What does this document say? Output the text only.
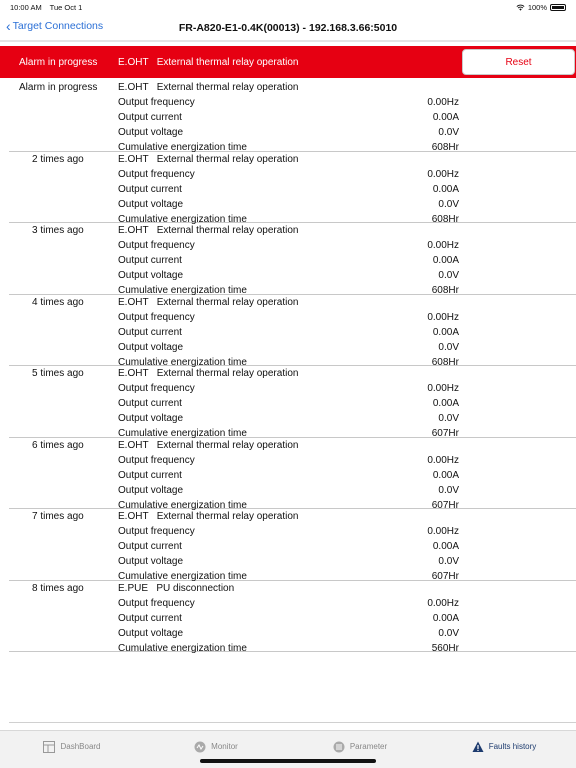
10:00 AM Tue Oct 1	100%
‹ Target Connections	FR-A820-E1-0.4K(00013) - 192.168.3.66:5010
Alarm in progress E.OHT   External thermal relay operation	Reset
Alarm in progress E.OHT   External thermal relay operation
Output frequency	0.00Hz
Output current	0.00A
Output voltage	0.0V
Cumulative energization time	608Hr
2 times ago	E.OHT   External thermal relay operation
Output frequency	0.00Hz
Output current	0.00A
Output voltage	0.0V
Cumulative energization time	608Hr
3 times ago	E.OHT   External thermal relay operation
Output frequency	0.00Hz
Output current	0.00A
Output voltage	0.0V
Cumulative energization time	608Hr
4 times ago	E.OHT   External thermal relay operation
Output frequency	0.00Hz
Output current	0.00A
Output voltage	0.0V
Cumulative energization time	608Hr
5 times ago	E.OHT   External thermal relay operation
Output frequency	0.00Hz
Output current	0.00A
Output voltage	0.0V
Cumulative energization time	607Hr
6 times ago	E.OHT   External thermal relay operation
Output frequency	0.00Hz
Output current	0.00A
Output voltage	0.0V
Cumulative energization time	607Hr
7 times ago	E.OHT   External thermal relay operation
Output frequency	0.00Hz
Output current	0.00A
Output voltage	0.0V
Cumulative energization time	607Hr
8 times ago	E.PUE   PU disconnection
Output frequency	0.00Hz
Output current	0.00A
Output voltage	0.0V
Cumulative energization time	560Hr
DashBoard	Monitor	Parameter	Faults history
